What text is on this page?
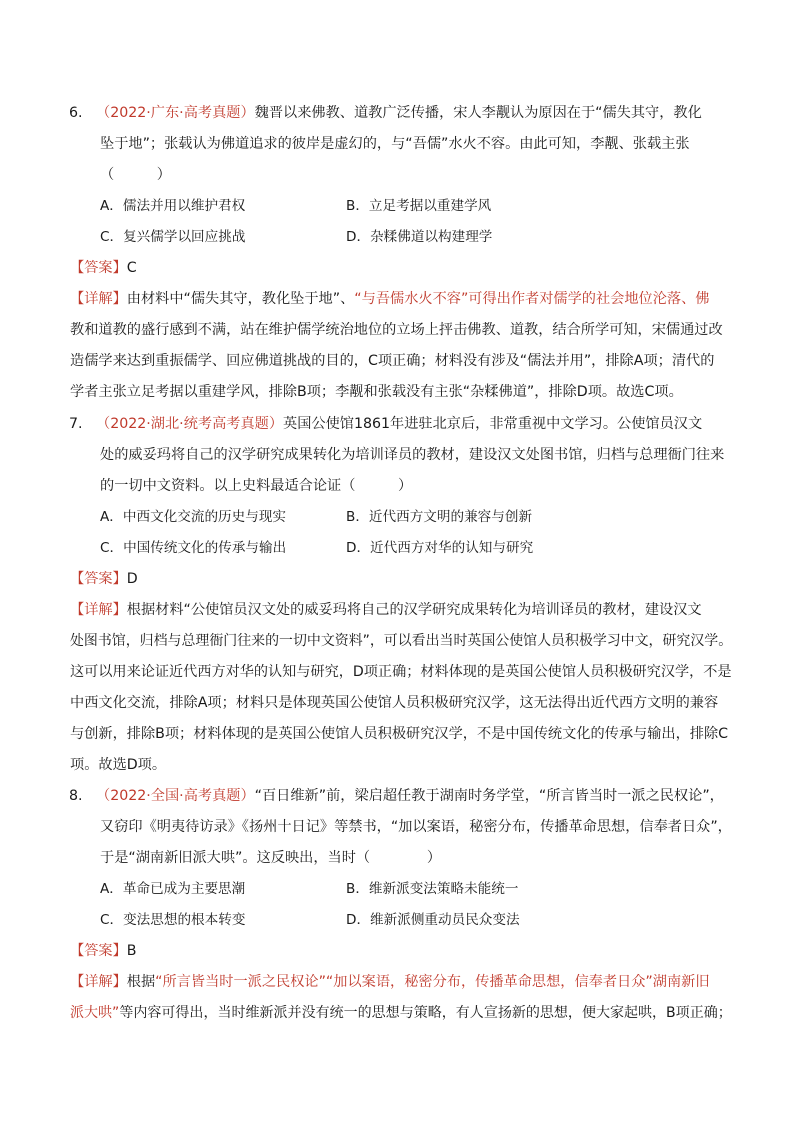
6. （2022·广东·高考真题）魏晋以来佛教、道教广泛传播，宋人李觏认为原因在于“儒失其守，教化
坠于地”；张载认为佛道追求的彼岸是虚幻的，与“吾儒”水火不容。由此可知，李觏、张载主张
（　　　）
A．儒法并用以维护君权	B．立足考据以重建学风
C．复兴儒学以回应挑战	D．杂糅佛道以构建理学
【答案】C
【详解】由材料中“儒失其守，教化坠于地”、“与吾儒水火不容”可得出作者对儒学的社会地位沦落、佛
教和道教的盛行感到不满，站在维护儒学统治地位的立场上抨击佛教、道教，结合所学可知，宋儒通过改
造儒学来达到重振儒学、回应佛道挑战的目的，C项正确；材料没有涉及“儒法并用”，排除A项；清代的
学者主张立足考据以重建学风，排除B项；李觏和张载没有主张“杂糅佛道”，排除D项。故选C项。
7. （2022·湖北·统考高考真题）英国公使馆1861年进驻北京后，非常重视中文学习。公使馆员汉文
处的威妥玛将自己的汉学研究成果转化为培训译员的教材，建设汉文处图书馆，归档与总理衙门往来
的一切中文资料。以上史料最适合论证（　　　）
A．中西文化交流的历史与现实	B．近代西方文明的兼容与创新
C．中国传统文化的传承与输出	D．近代西方对华的认知与研究
【答案】D
【详解】根据材料“公使馆员汉文处的威妥玛将自己的汉学研究成果转化为培训译员的教材，建设汉文
处图书馆，归档与总理衙门往来的一切中文资料”，可以看出当时英国公使馆人员积极学习中文，研究汉学。
这可以用来论证近代西方对华的认知与研究，D项正确；材料体现的是英国公使馆人员积极研究汉学，不是
中西文化交流，排除A项；材料只是体现英国公使馆人员积极研究汉学，这无法得出近代西方文明的兼容
与创新，排除B项；材料体现的是英国公使馆人员积极研究汉学，不是中国传统文化的传承与输出，排除C
项。故选D项。
8. （2022·全国·高考真题）“百日维新”前，梁启超任教于湖南时务学堂，“所言皆当时一派之民权论”，
又窃印《明夷待访录》《扬州十日记》等禁书，“加以案语，秘密分布，传播革命思想，信奉者日众”，
于是“湖南新旧派大哄”。这反映出，当时（　　　　）
A．革命已成为主要思潮	B．维新派变法策略未能统一
C．变法思想的根本转变	D．维新派侧重动员民众变法
【答案】B
【详解】根据“所言皆当时一派之民权论”“加以案语，秘密分布，传播革命思想，信奉者日众”湖南新旧
派大哄”等内容可得出，当时维新派并没有统一的思想与策略，有人宣扬新的思想，便大家起哄，B项正确；
